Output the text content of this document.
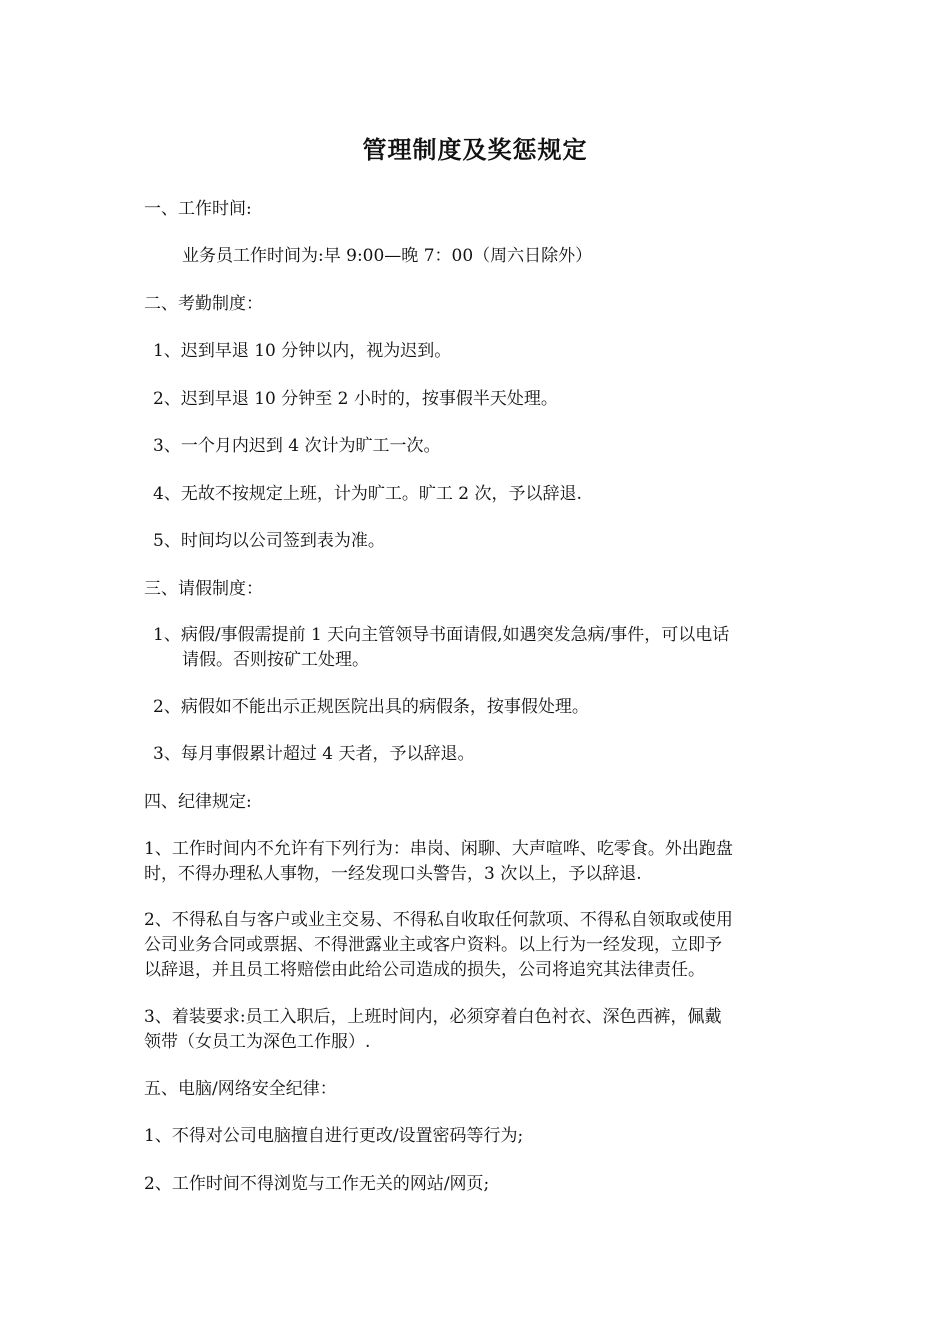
管理制度及奖惩规定
一、工作时间:
业务员工作时间为:早 9:00—晚 7：00（周六日除外）
二、考勤制度：
1、迟到早退 10 分钟以内，视为迟到。
2、迟到早退 10 分钟至 2 小时的，按事假半天处理。
3、一个月内迟到 4 次计为旷工一次。
4、无故不按规定上班，计为旷工。旷工 2 次，予以辞退.
5、时间均以公司签到表为准。
三、请假制度：
1、病假/事假需提前 1 天向主管领导书面请假,如遇突发急病/事件，可以电话
请假。否则按矿工处理。
2、病假如不能出示正规医院出具的病假条，按事假处理。
3、每月事假累计超过 4 天者，予以辞退。
四、纪律规定:
1、工作时间内不允许有下列行为：串岗、闲聊、大声喧哗、吃零食。外出跑盘
时，不得办理私人事物，一经发现口头警告，3 次以上，予以辞退.
2、不得私自与客户或业主交易、不得私自收取任何款项、不得私自领取或使用
公司业务合同或票据、不得泄露业主或客户资料。以上行为一经发现，立即予
以辞退，并且员工将赔偿由此给公司造成的损失，公司将追究其法律责任。
3、着装要求:员工入职后，上班时间内，必须穿着白色衬衣、深色西裤，佩戴
领带（女员工为深色工作服）.
五、电脑/网络安全纪律：
1、不得对公司电脑擅自进行更改/设置密码等行为;
2、工作时间不得浏览与工作无关的网站/网页;
